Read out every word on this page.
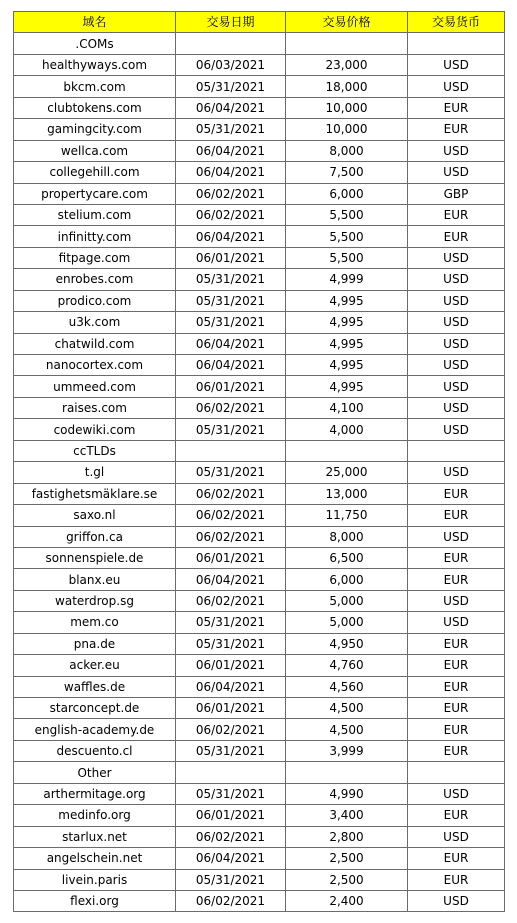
域名	交易日期	交易价格	交易货币
.COMs			
healthyways.com	06/03/2021	23,000	USD
bkcm.com	05/31/2021	18,000	USD
clubtokens.com	06/04/2021	10,000	EUR
gamingcity.com	05/31/2021	10,000	EUR
wellca.com	06/04/2021	8,000	USD
collegehill.com	06/04/2021	7,500	USD
propertycare.com	06/02/2021	6,000	GBP
stelium.com	06/02/2021	5,500	EUR
infinitty.com	06/04/2021	5,500	EUR
fitpage.com	06/01/2021	5,500	USD
enrobes.com	05/31/2021	4,999	USD
prodico.com	05/31/2021	4,995	USD
u3k.com	05/31/2021	4,995	USD
chatwild.com	06/04/2021	4,995	USD
nanocortex.com	06/04/2021	4,995	USD
ummeed.com	06/01/2021	4,995	USD
raises.com	06/02/2021	4,100	USD
codewiki.com	05/31/2021	4,000	USD
ccTLDs			
t.gl	05/31/2021	25,000	USD
fastighetsmäklare.se	06/02/2021	13,000	EUR
saxo.nl	06/02/2021	11,750	EUR
griffon.ca	06/02/2021	8,000	USD
sonnenspiele.de	06/01/2021	6,500	EUR
blanx.eu	06/04/2021	6,000	EUR
waterdrop.sg	06/02/2021	5,000	USD
mem.co	05/31/2021	5,000	USD
pna.de	05/31/2021	4,950	EUR
acker.eu	06/01/2021	4,760	EUR
waffles.de	06/04/2021	4,560	EUR
starconcept.de	06/01/2021	4,500	EUR
english-academy.de	06/02/2021	4,500	EUR
descuento.cl	05/31/2021	3,999	EUR
Other			
arthermitage.org	05/31/2021	4,990	USD
medinfo.org	06/01/2021	3,400	EUR
starlux.net	06/02/2021	2,800	USD
angelschein.net	06/04/2021	2,500	EUR
livein.paris	05/31/2021	2,500	EUR
flexi.org	06/02/2021	2,400	USD
